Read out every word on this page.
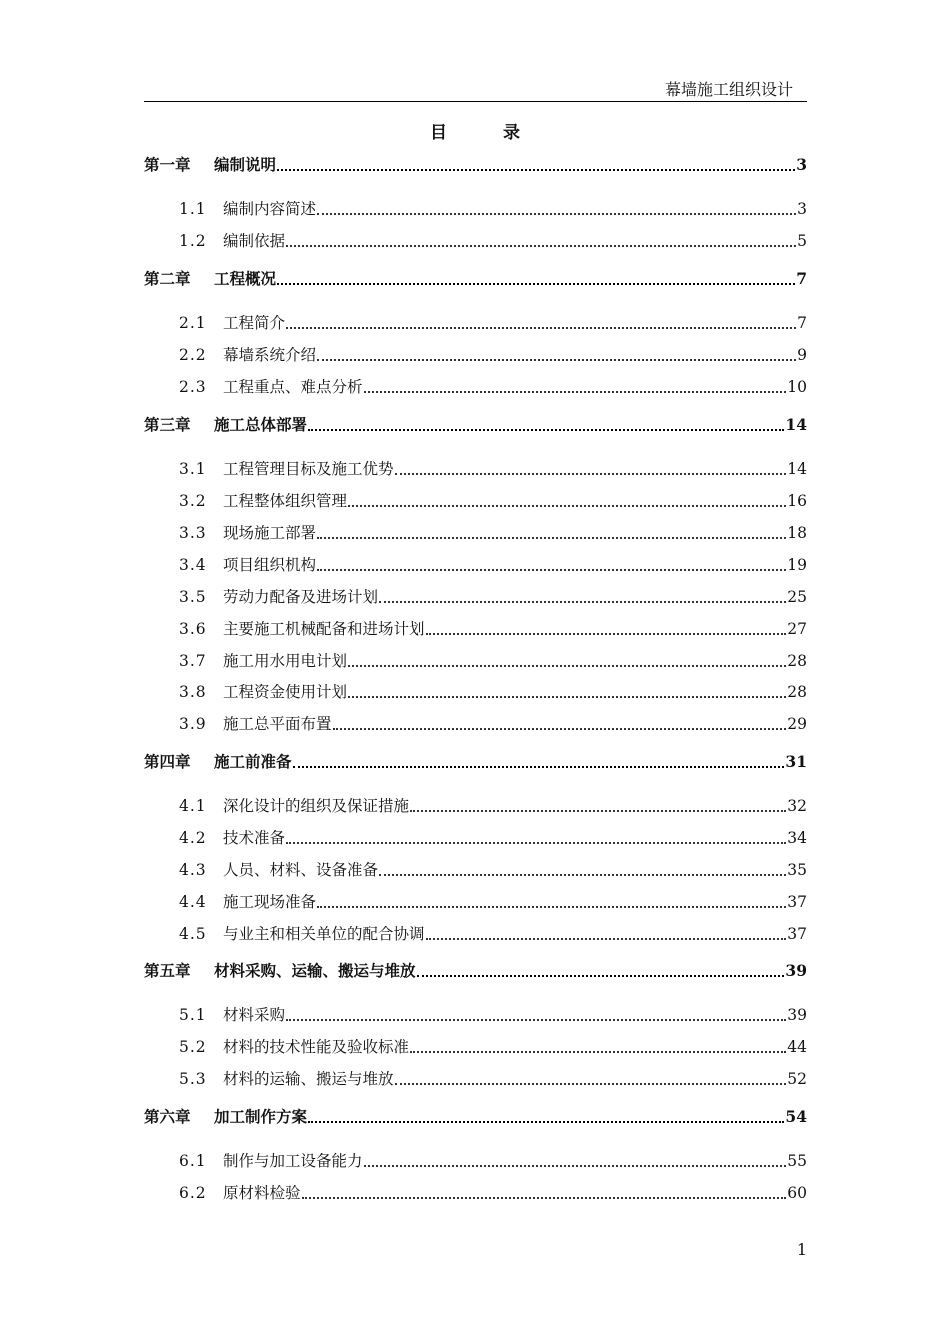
幕墙施工组织设计
目	录
第一章	编制说明	3
1.1	编制内容简述	3
1.2	编制依据	5
第二章	工程概况	7
2.1	工程简介	7
2.2	幕墙系统介绍	9
2.3	工程重点、难点分析	10
第三章	施工总体部署	14
3.1	工程管理目标及施工优势	14
3.2	工程整体组织管理	16
3.3	现场施工部署	18
3.4	项目组织机构	19
3.5	劳动力配备及进场计划	25
3.6	主要施工机械配备和进场计划	27
3.7	施工用水用电计划	28
3.8	工程资金使用计划	28
3.9	施工总平面布置	29
第四章	施工前准备	31
4.1	深化设计的组织及保证措施	32
4.2	技术准备	34
4.3	人员、材料、设备准备	35
4.4	施工现场准备	37
4.5	与业主和相关单位的配合协调	37
第五章	材料采购、运输、搬运与堆放	39
5.1	材料采购	39
5.2	材料的技术性能及验收标准	44
5.3	材料的运输、搬运与堆放	52
第六章	加工制作方案	54
6.1	制作与加工设备能力	55
6.2	原材料检验	60
1
